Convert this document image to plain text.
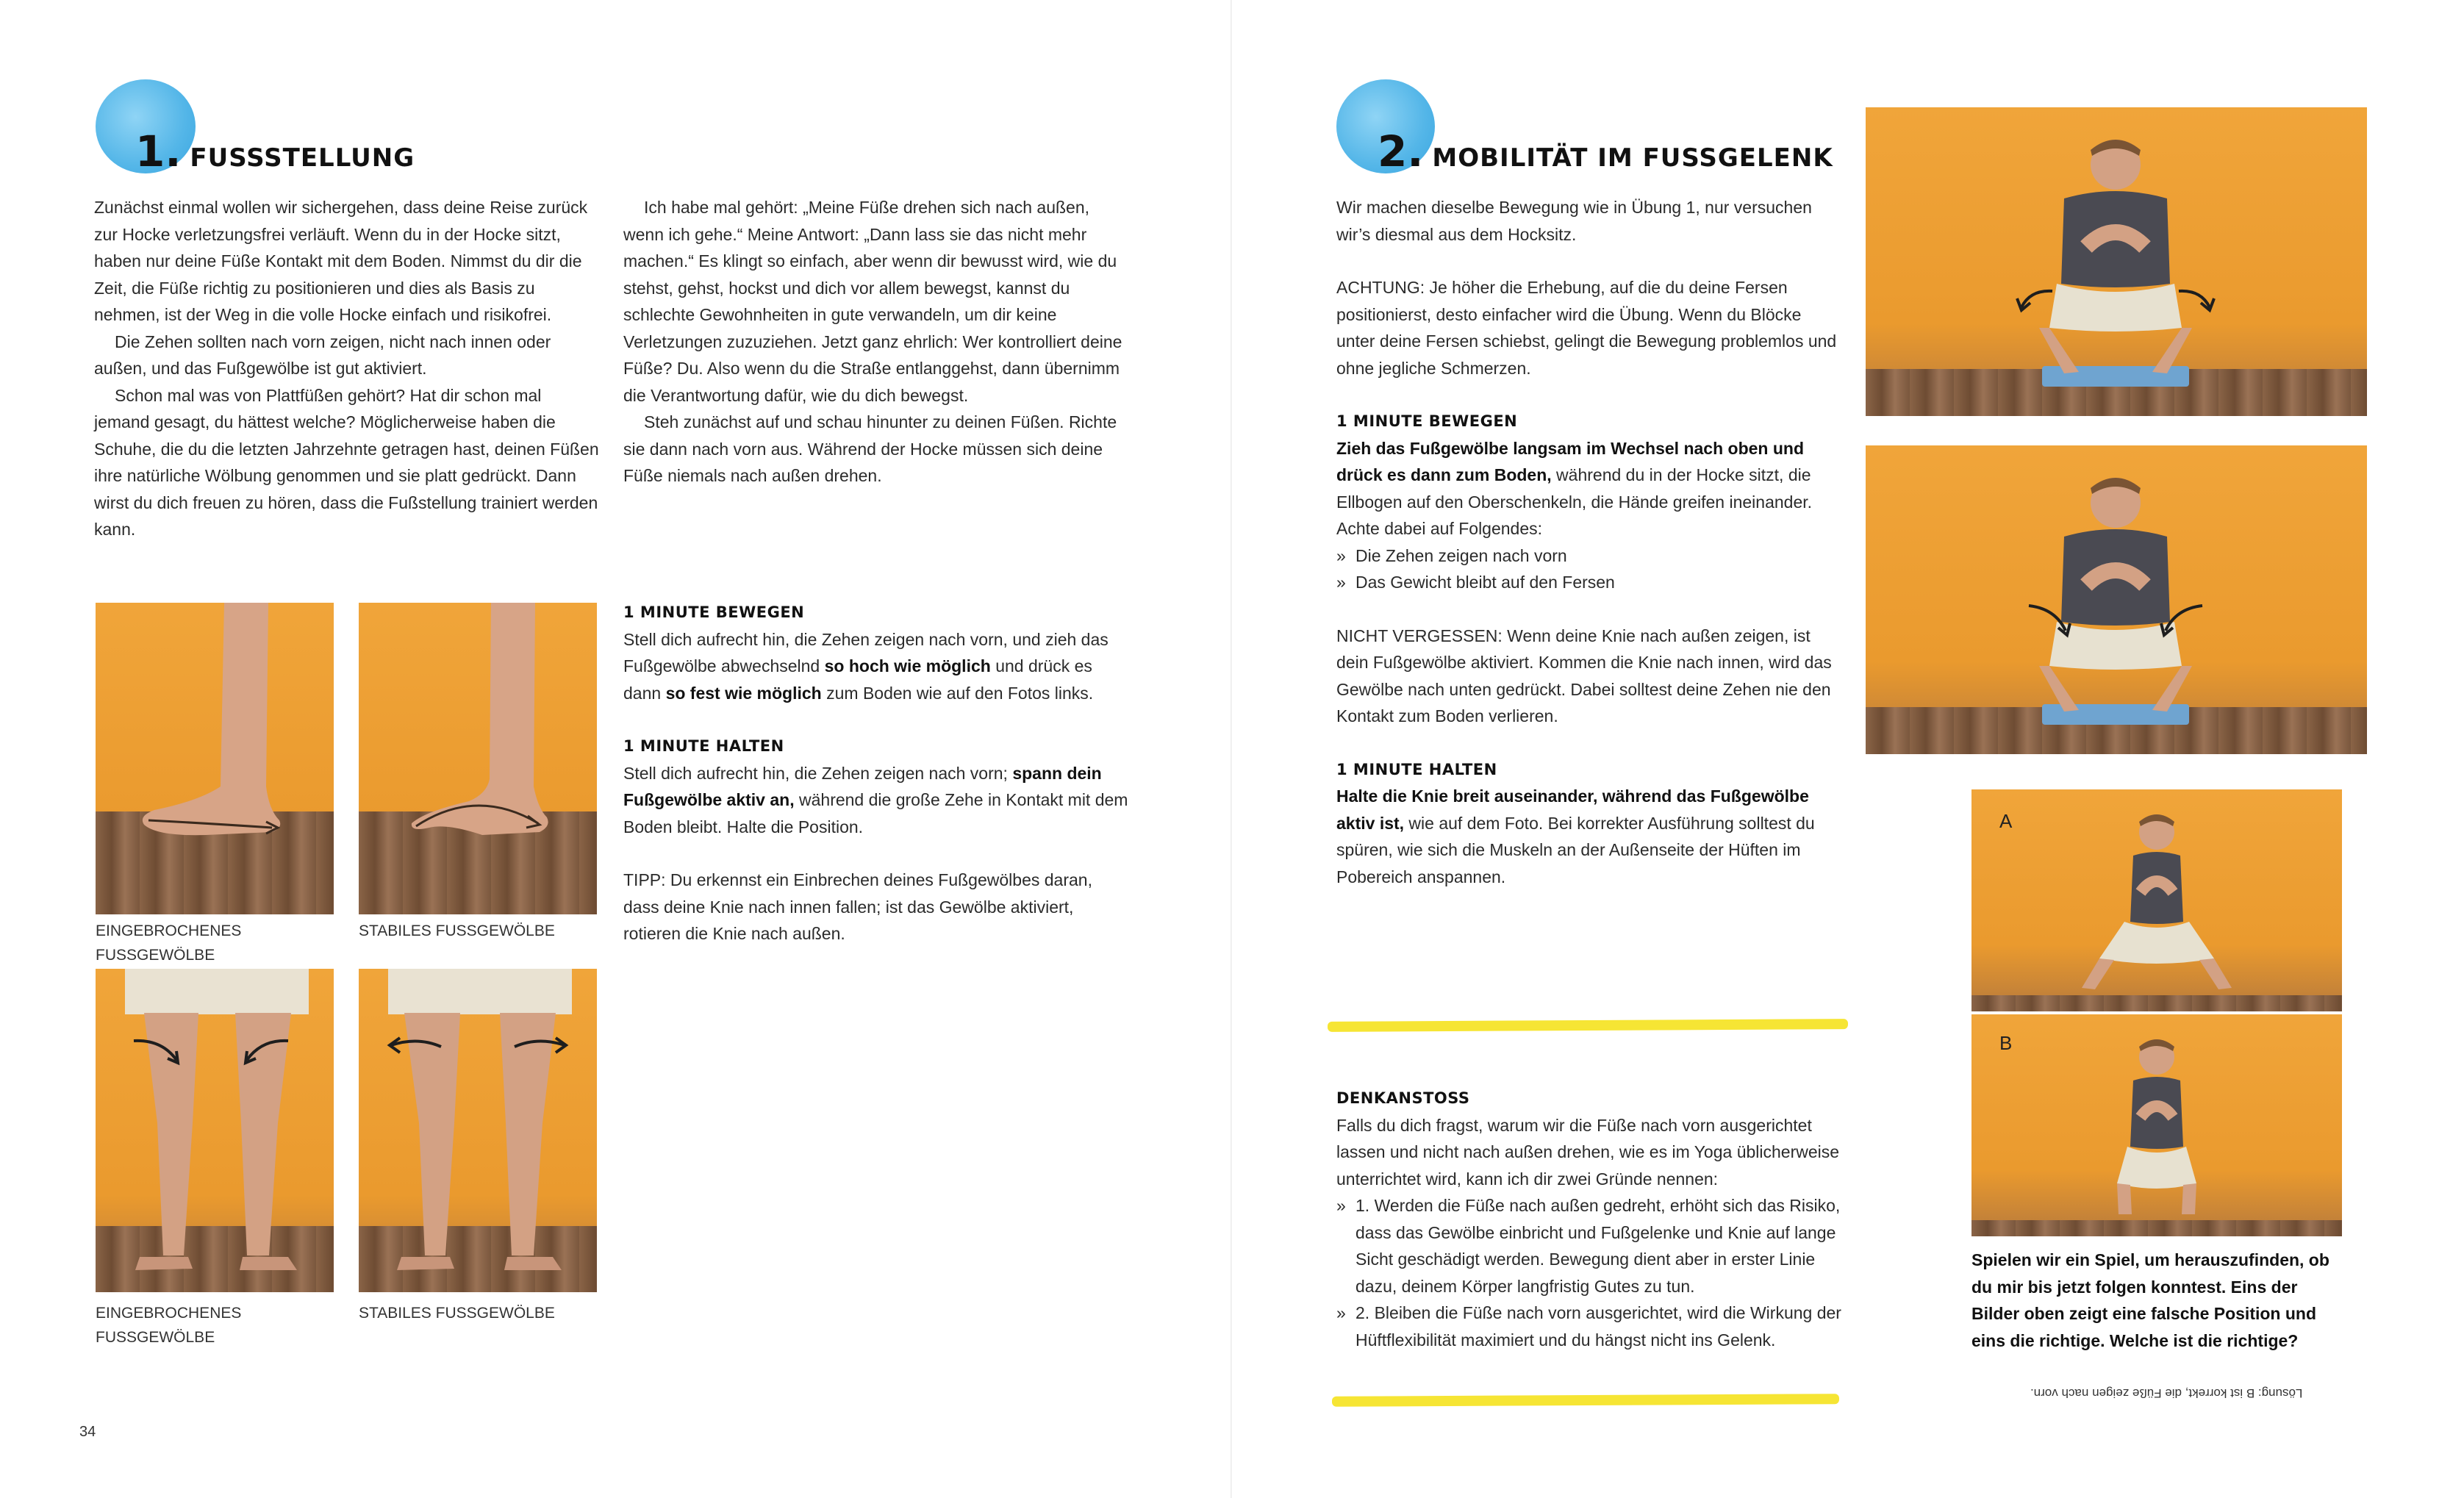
1. FUSSSTELLUNG

Zunächst einmal wollen wir sichergehen, dass deine Reise zurück zur Hocke verletzungsfrei verläuft. Wenn du in der Hocke sitzt, haben nur deine Füße Kontakt mit dem Boden. Nimmst du dir die Zeit, die Füße richtig zu positionieren und dies als Basis zu nehmen, ist der Weg in die volle Hocke einfach und risikofrei.

Die Zehen sollten nach vorn zeigen, nicht nach innen oder außen, und das Fußgewölbe ist gut aktiviert.

Schon mal was von Plattfüßen gehört? Hat dir schon mal jemand gesagt, du hättest welche? Möglicherweise haben die Schuhe, die du die letzten Jahrzehnte getragen hast, deinen Füßen ihre natürliche Wölbung genommen und sie platt gedrückt. Dann wirst du dich freuen zu hören, dass die Fußstellung trainiert werden kann.

Ich habe mal gehört: „Meine Füße drehen sich nach außen, wenn ich gehe.“ Meine Antwort: „Dann lass sie das nicht mehr machen.“ Es klingt so einfach, aber wenn dir bewusst wird, wie du stehst, gehst, hockst und dich vor allem bewegst, kannst du schlechte Gewohnheiten in gute verwandeln, um dir keine Verletzungen zuzuziehen. Jetzt ganz ehrlich: Wer kontrolliert deine Füße? Du. Also wenn du die Straße entlanggehst, dann übernimm die Verantwortung dafür, wie du dich bewegst.

Steh zunächst auf und schau hinunter zu deinen Füßen. Richte sie dann nach vorn aus. Während der Hocke müssen sich deine Füße niemals nach außen drehen.

EINGEBROCHENES FUSSGEWÖLBE
STABILES FUSSGEWÖLBE
EINGEBROCHENES FUSSGEWÖLBE
STABILES FUSSGEWÖLBE

1 MINUTE BEWEGEN

Stell dich aufrecht hin, die Zehen zeigen nach vorn, und zieh das Fußgewölbe abwechselnd so hoch wie möglich und drück es dann so fest wie möglich zum Boden wie auf den Fotos links.

1 MINUTE HALTEN

Stell dich aufrecht hin, die Zehen zeigen nach vorn; spann dein Fußgewölbe aktiv an, während die große Zehe in Kontakt mit dem Boden bleibt. Halte die Position.

TIPP: Du erkennst ein Einbrechen deines Fußgewölbes daran, dass deine Knie nach innen fallen; ist das Gewölbe aktiviert, rotieren die Knie nach außen.

34
2. MOBILITÄT IM FUSSGELENK

Wir machen dieselbe Bewegung wie in Übung 1, nur versuchen wir’s diesmal aus dem Hocksitz.

ACHTUNG: Je höher die Erhebung, auf die du deine Fersen positionierst, desto einfacher wird die Übung. Wenn du Blöcke unter deine Fersen schiebst, gelingt die Bewegung problemlos und ohne jegliche Schmerzen.

1 MINUTE BEWEGEN

Zieh das Fußgewölbe langsam im Wechsel nach oben und drück es dann zum Boden, während du in der Hocke sitzt, die Ellbogen auf den Oberschenkeln, die Hände greifen ineinander. Achte dabei auf Folgendes:

» Die Zehen zeigen nach vorn

» Das Gewicht bleibt auf den Fersen

NICHT VERGESSEN: Wenn deine Knie nach außen zeigen, ist dein Fußgewölbe aktiviert. Kommen die Knie nach innen, wird das Gewölbe nach unten gedrückt. Dabei solltest deine Zehen nie den Kontakt zum Boden verlieren.

1 MINUTE HALTEN

Halte die Knie breit auseinander, während das Fußgewölbe aktiv ist, wie auf dem Foto. Bei korrekter Ausführung solltest du spüren, wie sich die Muskeln an der Außenseite der Hüften im Pobereich anspannen.

DENKANSTOSS

Falls du dich fragst, warum wir die Füße nach vorn ausgerichtet lassen und nicht nach außen drehen, wie es im Yoga üblicherweise unterrichtet wird, kann ich dir zwei Gründe nennen:

» 1. Werden die Füße nach außen gedreht, erhöht sich das Risiko, dass das Gewölbe einbricht und Fußgelenke und Knie auf lange Sicht geschädigt werden. Bewegung dient aber in erster Linie dazu, deinem Körper langfristig Gutes zu tun.

» 2. Bleiben die Füße nach vorn ausgerichtet, wird die Wirkung der Hüftflexibilität maximiert und du hängst nicht ins Gelenk.

A
B
Spielen wir ein Spiel, um herauszufinden, ob du mir bis jetzt folgen konntest. Eins der Bilder oben zeigt eine falsche Position und eins die richtige. Welche ist die richtige?
Lösung: B ist korrekt, die Füße zeigen nach vorn.
